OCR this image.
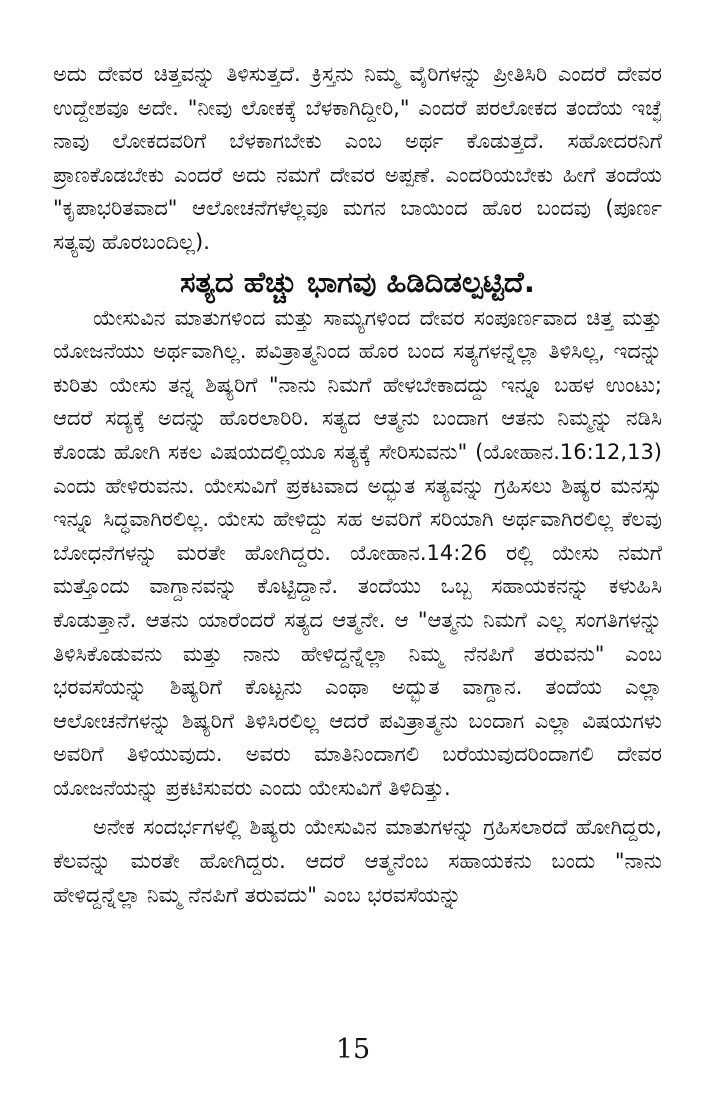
ಅದು ದೇವರ ಚಿತ್ತವನ್ನು ತಿಳಿಸುತ್ತದೆ. ಕ್ರಿಸ್ತನು ನಿಮ್ಮ ವೈರಿಗಳನ್ನು ಪ್ರೀತಿಸಿರಿ ಎಂದರೆ ದೇವರ ಉದ್ದೇಶವೂ ಅದೇ. "ನೀವು ಲೋಕಕ್ಕೆ ಬೆಳಕಾಗಿದ್ದೀರಿ," ಎಂದರೆ ಪರಲೋಕದ ತಂದೆಯ ಇಚ್ಛೆ ನಾವು ಲೋಕದವರಿಗೆ ಬೆಳಕಾಗಬೇಕು ಎಂಬ ಅರ್ಥ ಕೊಡುತ್ತದೆ. ಸಹೋದರನಿಗೆ ಪ್ರಾಣಕೊಡಬೇಕು ಎಂದರೆ ಅದು ನಮಗೆ ದೇವರ ಅಪ್ಪಣೆ. ಎಂದರಿಯಬೇಕು ಹೀಗೆ ತಂದೆಯ "ಕೃಪಾಭರಿತವಾದ" ಆಲೋಚನೆಗಳೆಲ್ಲವೂ ಮಗನ ಬಾಯಿಂದ ಹೊರ ಬಂದವು (ಪೂರ್ಣ ಸತ್ಯವು ಹೊರಬಂದಿಲ್ಲ).

ಸತ್ಯದ ಹೆಚ್ಚು ಭಾಗವು ಹಿಡಿದಿಡಲ್ಪಟ್ಟಿದೆ.

ಯೇಸುವಿನ ಮಾತುಗಳಿಂದ ಮತ್ತು ಸಾಮ್ಯಗಳಿಂದ ದೇವರ ಸಂಪೂರ್ಣವಾದ ಚಿತ್ತ ಮತ್ತು ಯೋಜನೆಯು ಅರ್ಥವಾಗಿಲ್ಲ. ಪವಿತ್ರಾತ್ಮನಿಂದ ಹೊರ ಬಂದ ಸತ್ಯಗಳನ್ನೆಲ್ಲಾ ತಿಳಿಸಿಲ್ಲ, ಇದನ್ನು ಕುರಿತು ಯೇಸು ತನ್ನ ಶಿಷ್ಯರಿಗೆ "ನಾನು ನಿಮಗೆ ಹೇಳಬೇಕಾದದ್ದು ಇನ್ನೂ ಬಹಳ ಉಂಟು; ಆದರೆ ಸದ್ಯಕ್ಕೆ ಅದನ್ನು ಹೊರಲಾರಿರಿ. ಸತ್ಯದ ಆತ್ಮನು ಬಂದಾಗ ಆತನು ನಿಮ್ಮನ್ನು ನಡಿಸಿ ಕೊಂಡು ಹೋಗಿ ಸಕಲ ವಿಷಯದಲ್ಲಿಯೂ ಸತ್ಯಕ್ಕೆ ಸೇರಿಸುವನು" (ಯೋಹಾನ.16:12,13) ಎಂದು ಹೇಳಿರುವನು. ಯೇಸುವಿಗೆ ಪ್ರಕಟವಾದ ಅದ್ಭುತ ಸತ್ಯವನ್ನು ಗ್ರಹಿಸಲು ಶಿಷ್ಯರ ಮನಸ್ಸು ಇನ್ನೂ ಸಿದ್ಧವಾಗಿರಲಿಲ್ಲ. ಯೇಸು ಹೇಳಿದ್ದು ಸಹ ಅವರಿಗೆ ಸರಿಯಾಗಿ ಅರ್ಥವಾಗಿರಲಿಲ್ಲ ಕೆಲವು ಬೋಧನೆಗಳನ್ನು ಮರತೇ ಹೋಗಿದ್ದರು. ಯೋಹಾನ.14:26 ರಲ್ಲಿ ಯೇಸು ನಮಗೆ ಮತ್ತೊಂದು ವಾಗ್ದಾನವನ್ನು ಕೊಟ್ಟಿದ್ದಾನೆ. ತಂದೆಯು ಒಬ್ಬ ಸಹಾಯಕನನ್ನು ಕಳುಹಿಸಿ ಕೊಡುತ್ತಾನೆ. ಆತನು ಯಾರೆಂದರೆ ಸತ್ಯದ ಆತ್ಮನೇ. ಆ "ಆತ್ಮನು ನಿಮಗೆ ಎಲ್ಲ ಸಂಗತಿಗಳನ್ನು ತಿಳಿಸಿಕೊಡುವನು ಮತ್ತು ನಾನು ಹೇಳಿದ್ದನ್ನೆಲ್ಲಾ ನಿಮ್ಮ ನೆನಪಿಗೆ ತರುವನು" ಎಂಬ ಭರವಸೆಯನ್ನು ಶಿಷ್ಯರಿಗೆ ಕೊಟ್ಟನು ಎಂಥಾ ಅದ್ಭುತ ವಾಗ್ದಾನ. ತಂದೆಯ ಎಲ್ಲಾ ಆಲೋಚನೆಗಳನ್ನು ಶಿಷ್ಯರಿಗೆ ತಿಳಿಸಿರಲಿಲ್ಲ ಆದರೆ ಪವಿತ್ರಾತ್ಮನು ಬಂದಾಗ ಎಲ್ಲಾ ವಿಷಯಗಳು ಅವರಿಗೆ ತಿಳಿಯುವುದು. ಅವರು ಮಾತಿನಿಂದಾಗಲಿ ಬರೆಯುವುದರಿಂದಾಗಲಿ ದೇವರ ಯೋಜನೆಯನ್ನು ಪ್ರಕಟಿಸುವರು ಎಂದು ಯೇಸುವಿಗೆ ತಿಳಿದಿತ್ತು.

ಅನೇಕ ಸಂದರ್ಭಗಳಲ್ಲಿ ಶಿಷ್ಯರು ಯೇಸುವಿನ ಮಾತುಗಳನ್ನು ಗ್ರಹಿಸಲಾರದೆ ಹೋಗಿದ್ದರು, ಕೆಲವನ್ನು ಮರತೇ ಹೋಗಿದ್ದರು. ಆದರೆ ಆತ್ಮನೆಂಬ ಸಹಾಯಕನು ಬಂದು "ನಾನು ಹೇಳಿದ್ದನ್ನೆಲ್ಲಾ ನಿಮ್ಮ ನೆನಪಿಗೆ ತರುವದು" ಎಂಬ ಭರವಸೆಯನ್ನು

15
